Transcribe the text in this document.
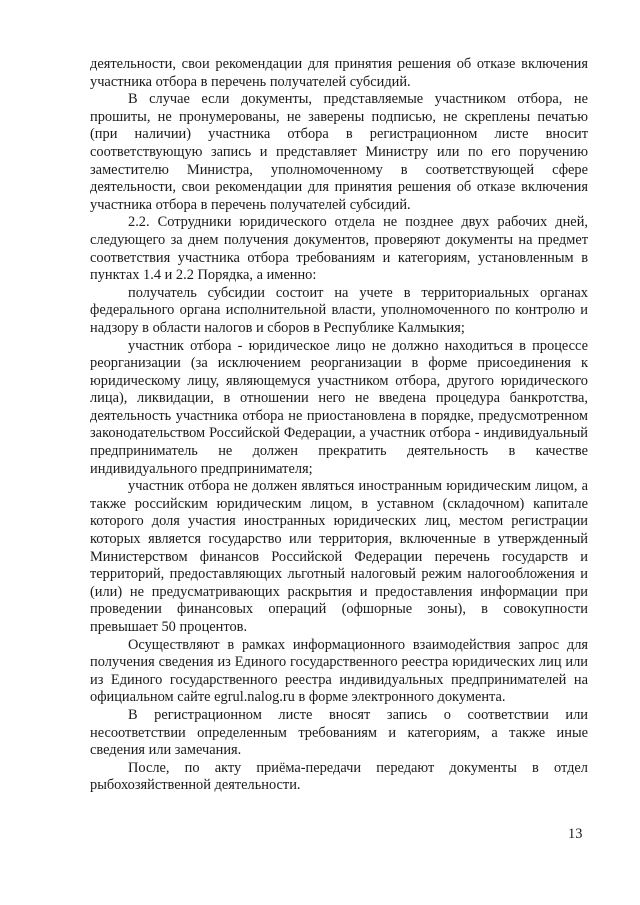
деятельности, свои рекомендации для принятия решения об отказе включения участника отбора в перечень получателей субсидий.

В случае если документы, представляемые участником отбора, не прошиты, не пронумерованы, не заверены подписью, не скреплены печатью (при наличии) участника отбора в регистрационном листе вносит соответствующую запись и представляет Министру или по его поручению заместителю Министра, уполномоченному в соответствующей сфере деятельности, свои рекомендации для принятия решения об отказе включения участника отбора в перечень получателей субсидий.

2.2. Сотрудники юридического отдела не позднее двух рабочих дней, следующего за днем получения документов, проверяют документы на предмет соответствия участника отбора требованиям и категориям, установленным в пунктах 1.4 и 2.2 Порядка, а именно:

получатель субсидии состоит на учете в территориальных органах федерального органа исполнительной власти, уполномоченного по контролю и надзору в области налогов и сборов в Республике Калмыкия;

участник отбора - юридическое лицо не должно находиться в процессе реорганизации (за исключением реорганизации в форме присоединения к юридическому лицу, являющемуся участником отбора, другого юридического лица), ликвидации, в отношении него не введена процедура банкротства, деятельность участника отбора не приостановлена в порядке, предусмотренном законодательством Российской Федерации, а участник отбора - индивидуальный предприниматель не должен прекратить деятельность в качестве индивидуального предпринимателя;

участник отбора не должен являться иностранным юридическим лицом, а также российским юридическим лицом, в уставном (складочном) капитале которого доля участия иностранных юридических лиц, местом регистрации которых является государство или территория, включенные в утвержденный Министерством финансов Российской Федерации перечень государств и территорий, предоставляющих льготный налоговый режим налогообложения и (или) не предусматривающих раскрытия и предоставления информации при проведении финансовых операций (офшорные зоны), в совокупности превышает 50 процентов.

Осуществляют в рамках информационного взаимодействия запрос для получения сведения из Единого государственного реестра юридических лиц или из Единого государственного реестра индивидуальных предпринимателей на официальном сайте egrul.nalog.ru в форме электронного документа.

В регистрационном листе вносят запись о соответствии или несоответствии определенным требованиям и категориям, а также иные сведения или замечания.

После, по акту приёма-передачи передают документы в отдел рыбохозяйственной деятельности.

13
